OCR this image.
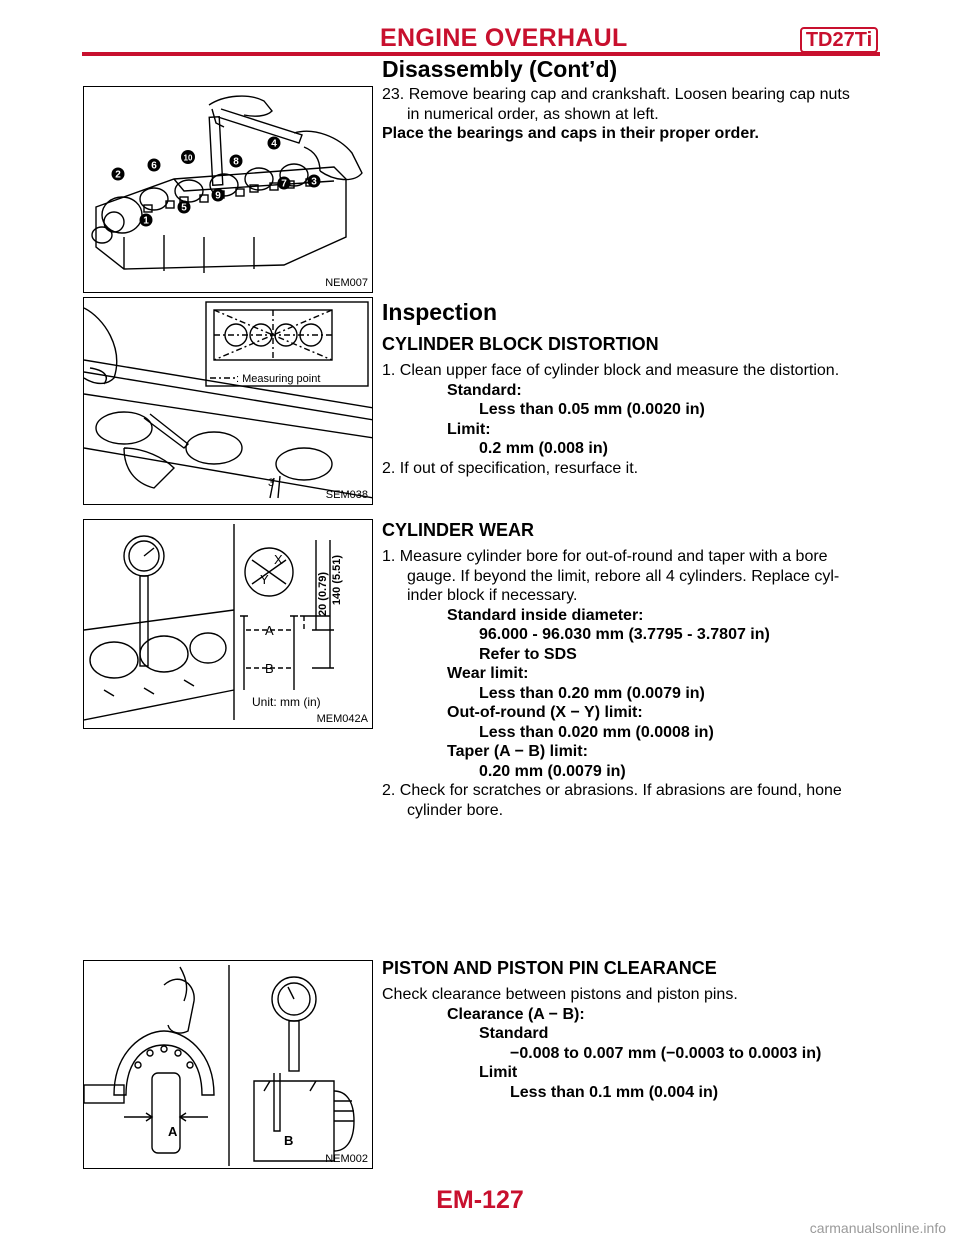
ENGINE OVERHAUL	TD27Ti
Disassembly (Cont’d)
1
2
3
4
5
6
7
8
9
10
NEM007
3
: Measuring point
SEM038
X
Y
A
B
Unit: mm (in)
20 (0.79) 140 (5.51)
MEM042A
A
B
NEM002

23. Remove bearing cap and crankshaft. Loosen bearing cap nuts

in numerical order, as shown at left.

Place the bearings and caps in their proper order.

Inspection
CYLINDER BLOCK DISTORTION

1. Clean upper face of cylinder block and measure the distortion.

Standard:

Less than 0.05 mm (0.0020 in)

Limit:

0.2 mm (0.008 in)

2. If out of specification, resurface it.

CYLINDER WEAR

1. Measure cylinder bore for out-of-round and taper with a bore

gauge. If beyond the limit, rebore all 4 cylinders. Replace cyl-

inder block if necessary.

Standard inside diameter:

96.000 - 96.030 mm (3.7795 - 3.7807 in)

Refer to SDS

Wear limit:

Less than 0.20 mm (0.0079 in)

Out-of-round (X − Y) limit:

Less than 0.020 mm (0.0008 in)

Taper (A − B) limit:

0.20 mm (0.0079 in)

2. Check for scratches or abrasions. If abrasions are found, hone

cylinder bore.

PISTON AND PISTON PIN CLEARANCE

Check clearance between pistons and piston pins.

Clearance (A − B):

Standard

−0.008 to 0.007 mm (−0.0003 to 0.0003 in)

Limit

Less than 0.1 mm (0.004 in)

EM-127
carmanualsonline.info
